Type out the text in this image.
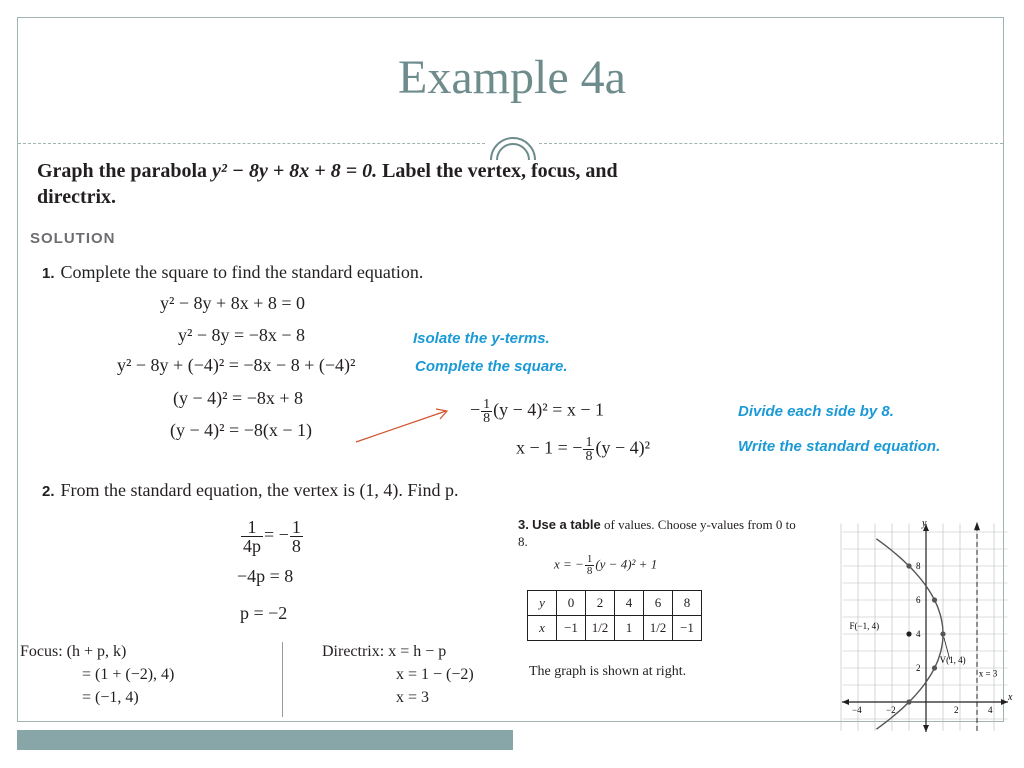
Example 4a
Graph the parabola y² − 8y + 8x + 8 = 0. Label the vertex, focus, and directrix.
SOLUTION
1. Complete the square to find the standard equation.
y² − 8y + 8x + 8 = 0
y² − 8y = −8x − 8
y² − 8y + (−4)² = −8x − 8 + (−4)²
(y − 4)² = −8x + 8
(y − 4)² = −8(x − 1)
Isolate the y-terms.
Complete the square.
− $\frac{1}{8} (y - 4)^2 = x - 1$
x − 1 = − $\frac{1}{8} (y - 4)^2$
Divide each side by 8.
Write the standard equation.
2. From the standard equation, the vertex is (1, 4). Find p.
$\frac{1}{4p}$ = − $\frac{1}{8}$
−4p = 8
p = −2
Focus: (h + p, k)
= (1 + (−2), 4)
= (−1, 4)
Directrix: x = h − p
x = 1 − (−2)
x = 3
3. Use a table of values. Choose y-values from 0 to 8.
x = − $\frac{1}{8} (y - 4)^2 + 1$
y	0	2	4	6	8
x	−1	1/2	1	1/2	−1
The graph is shown at right.
x
y
−4	−2	2	4
2
4
6
8
F(−1, 4)
V(1, 4)
x = 3
